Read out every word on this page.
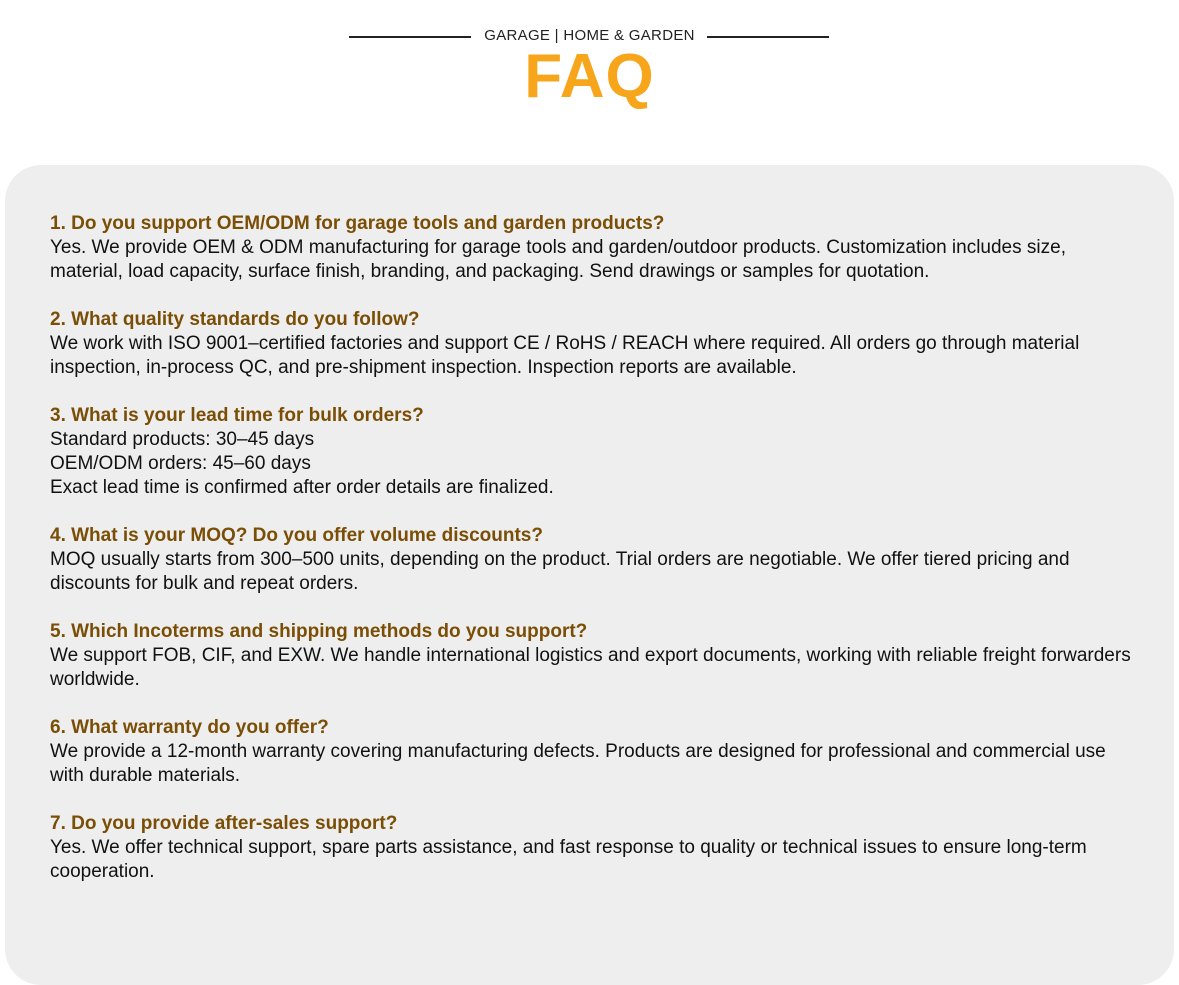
GARAGE | HOME & GARDEN
FAQ
1. Do you support OEM/ODM for garage tools and garden products?
Yes. We provide OEM & ODM manufacturing for garage tools and garden/outdoor products. Customization includes size, material, load capacity, surface finish, branding, and packaging. Send drawings or samples for quotation.
2. What quality standards do you follow?
We work with ISO 9001–certified factories and support CE / RoHS / REACH where required. All orders go through material inspection, in-process QC, and pre-shipment inspection. Inspection reports are available.
3. What is your lead time for bulk orders?
Standard products: 30–45 days
OEM/ODM orders: 45–60 days
Exact lead time is confirmed after order details are finalized.
4. What is your MOQ? Do you offer volume discounts?
MOQ usually starts from 300–500 units, depending on the product. Trial orders are negotiable. We offer tiered pricing and discounts for bulk and repeat orders.
5. Which Incoterms and shipping methods do you support?
We support FOB, CIF, and EXW. We handle international logistics and export documents, working with reliable freight forwarders worldwide.
6. What warranty do you offer?
We provide a 12-month warranty covering manufacturing defects. Products are designed for professional and commercial use with durable materials.
7. Do you provide after-sales support?
Yes. We offer technical support, spare parts assistance, and fast response to quality or technical issues to ensure long-term cooperation.
